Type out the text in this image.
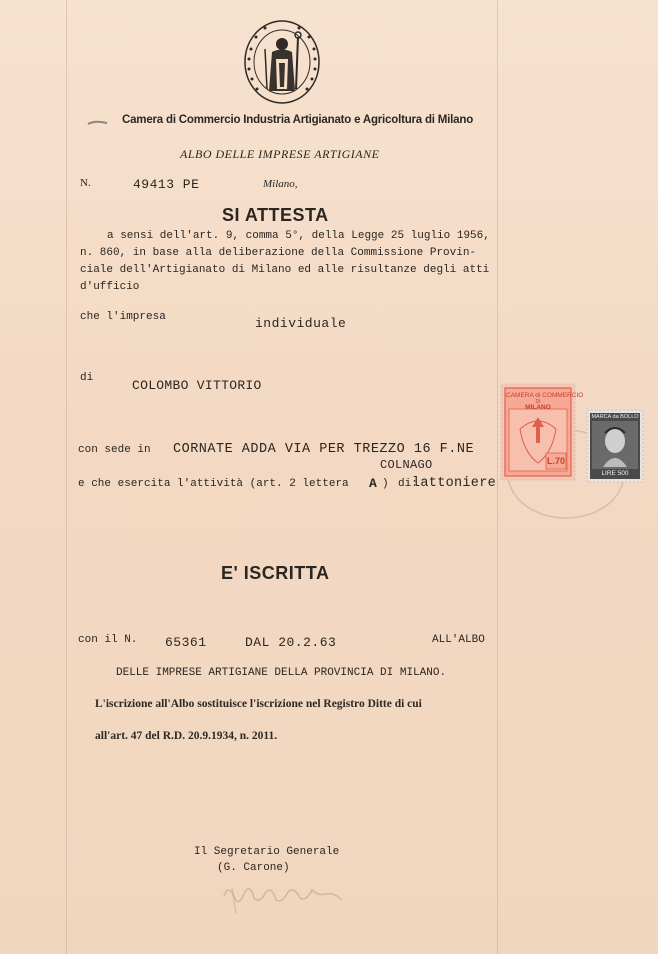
Camera di Commercio Industria Artigianato e Agricoltura di Milano
ALBO DELLE IMPRESE ARTIGIANE
N.	49413 PE	Milano,
SI ATTESTA
a sensi dell'art. 9, comma 5°, della Legge 25 luglio 1956,
n. 860, in base alla deliberazione della Commissione Provin-
ciale dell'Artigianato di Milano ed alle risultanze degli atti
d'ufficio
che l'impresa	individuale
di	COLOMBO VITTORIO
con sede in CORNATE ADDA VIA PER TREZZO 16 F.NE
COLNAGO
e che esercita l'attività (art. 2 lettera A ) di:
lattoniere
E' ISCRITTA
con il N. 65361	DAL 20.2.63	ALL'ALBO
DELLE IMPRESE ARTIGIANE DELLA PROVINCIA DI MILANO.
L'iscrizione all'Albo sostituisce l'iscrizione nel Registro Ditte di cui
all'art. 47 del R.D. 20.9.1934, n. 2011.
CAMERA di COMMERCIO
DI
MILANO
L.70
MARCA da BOLLO
LIRE 500
Il Segretario Generale
(G. Carone)
